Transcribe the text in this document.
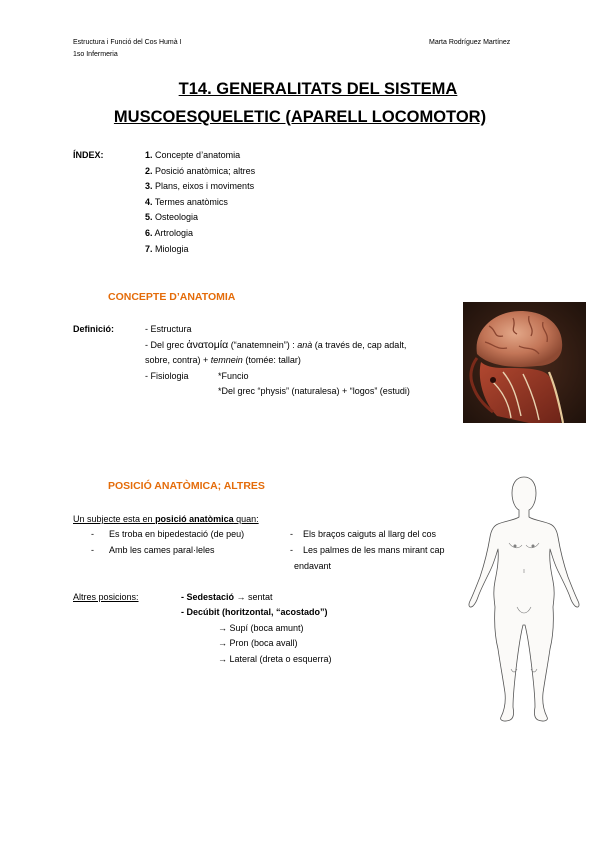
Estructura i Funció del Cos Humà I
1so Infermeria
Marta Rodríguez Martínez
T14. GENERALITATS DEL SISTEMA
MUSCOESQUELETIC (APARELL LOCOMOTOR)
ÍNDEX:	1. Concepte d’anatomia
2. Posició anatòmica; altres
3. Plans, eixos i moviments
4. Termes anatòmics
5. Osteologia
6. Artrologia
7. Miologia
CONCEPTE D’ANATOMIA
Definició:	- Estructura
- Del grec ἀνατομία (“anatemnein”) : anà (a través de, cap adalt,
sobre, contra) + temnein (tomée: tallar)
- Fisiologia	*Funcio
*Del grec “physis” (naturalesa) + “logos” (estudi)
POSICIÓ ANATÒMICA; ALTRES
Un subjecte esta en posició anatòmica quan:
- Es troba en bipedestació (de peu)
- Amb les cames paral·leles
- Els braços caiguts al llarg del cos
- Les palmes de les mans mirant cap
endavant
Altres posicions:	- Sedestació → sentat
- Decúbit (horitzontal, “acostado”)
→ Supí (boca amunt)
→ Pron (boca avall)
→ Lateral (dreta o esquerra)
